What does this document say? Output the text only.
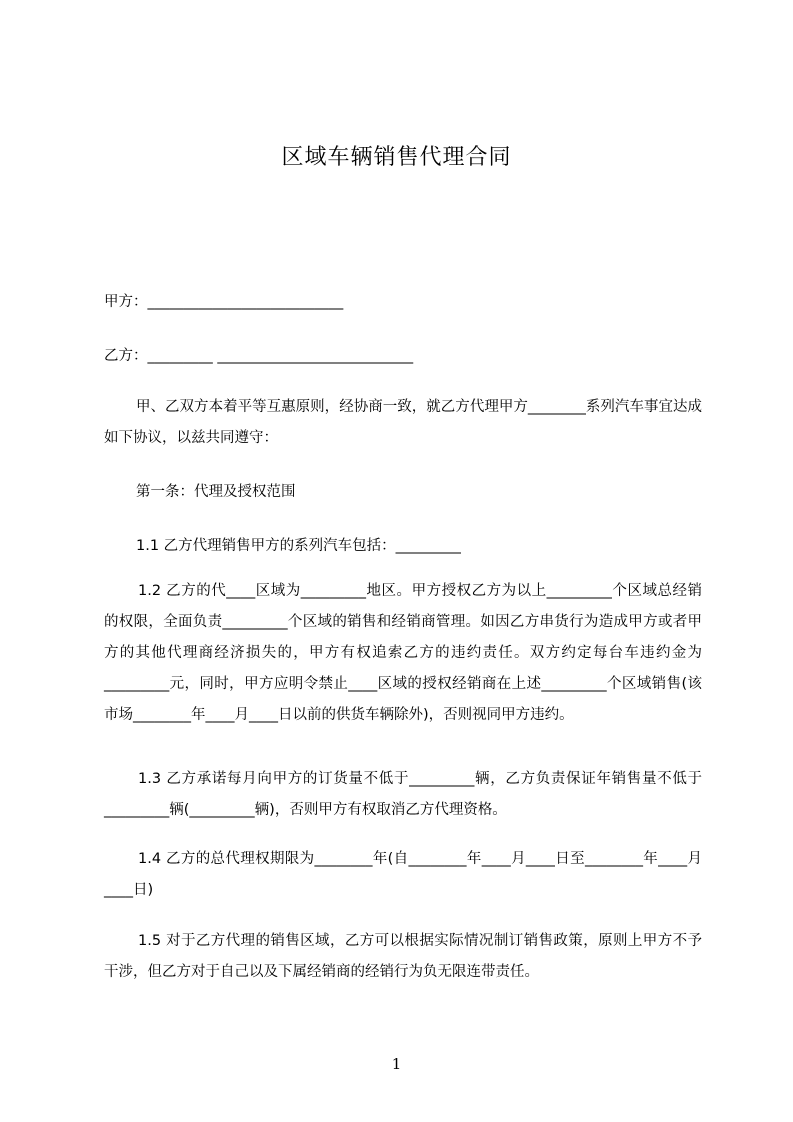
区域车辆销售代理合同
甲方：___________________________
乙方：_________ ___________________________

甲、乙双方本着平等互惠原则，经协商一致，就乙方代理甲方________系列汽车事宜达成如下协议，以兹共同遵守：

第一条：代理及授权范围
1.1 乙方代理销售甲方的系列汽车包括：_________

1.2 乙方的代____区域为_________地区。甲方授权乙方为以上_________个区域总经销的权限，全面负责_________个区域的销售和经销商管理。如因乙方串货行为造成甲方或者甲方的其他代理商经济损失的，甲方有权追索乙方的违约责任。双方约定每台车违约金为_________元，同时，甲方应明令禁止____区域的授权经销商在上述_________个区域销售(该市场________年____月____日以前的供货车辆除外)，否则视同甲方违约。

1.3 乙方承诺每月向甲方的订货量不低于_________辆，乙方负责保证年销售量不低于_________辆(_________辆)，否则甲方有权取消乙方代理资格。

1.4 乙方的总代理权期限为________年(自________年____月____日至________年____月____日)

1.5 对于乙方代理的销售区域，乙方可以根据实际情况制订销售政策，原则上甲方不予干涉，但乙方对于自己以及下属经销商的经销行为负无限连带责任。

1
